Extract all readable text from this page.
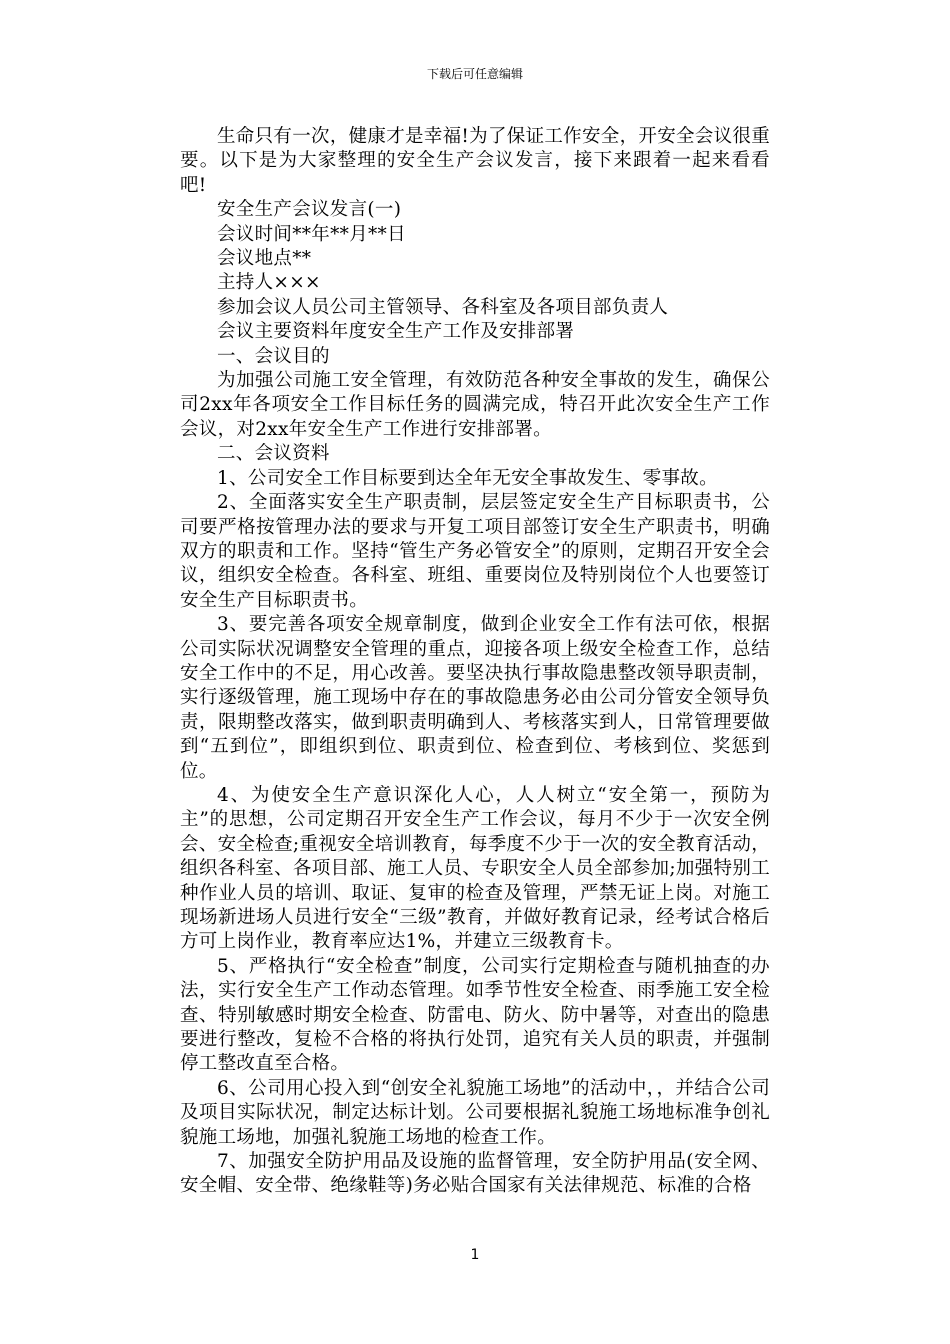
下载后可任意编辑

生命只有一次，健康才是幸福!为了保证工作安全，开安全会议很重要。以下是为大家整理的安全生产会议发言，接下来跟着一起来看看吧!

安全生产会议发言(一)

会议时间**年**月**日

会议地点**

主持人×××

参加会议人员公司主管领导、各科室及各项目部负责人

会议主要资料年度安全生产工作及安排部署

一、会议目的

为加强公司施工安全管理，有效防范各种安全事故的发生，确保公司2xx年各项安全工作目标任务的圆满完成，特召开此次安全生产工作会议，对2xx年安全生产工作进行安排部署。

二、会议资料

1、公司安全工作目标要到达全年无安全事故发生、零事故。

2、全面落实安全生产职责制，层层签定安全生产目标职责书，公司要严格按管理办法的要求与开复工项目部签订安全生产职责书，明确双方的职责和工作。坚持“管生产务必管安全”的原则，定期召开安全会议，组织安全检查。各科室、班组、重要岗位及特别岗位个人也要签订安全生产目标职责书。

3、要完善各项安全规章制度，做到企业安全工作有法可依，根据公司实际状况调整安全管理的重点，迎接各项上级安全检查工作，总结安全工作中的不足，用心改善。要坚决执行事故隐患整改领导职责制，实行逐级管理，施工现场中存在的事故隐患务必由公司分管安全领导负责，限期整改落实，做到职责明确到人、考核落实到人，日常管理要做到“五到位”，即组织到位、职责到位、检查到位、考核到位、奖惩到位。

4、为使安全生产意识深化人心，人人树立“安全第一，预防为主”的思想，公司定期召开安全生产工作会议，每月不少于一次安全例会、安全检查;重视安全培训教育，每季度不少于一次的安全教育活动，组织各科室、各项目部、施工人员、专职安全人员全部参加;加强特别工种作业人员的培训、取证、复审的检查及管理，严禁无证上岗。对施工现场新进场人员进行安全“三级”教育，并做好教育记录，经考试合格后方可上岗作业，教育率应达1%，并建立三级教育卡。

5、严格执行“安全检查”制度，公司实行定期检查与随机抽查的办法，实行安全生产工作动态管理。如季节性安全检查、雨季施工安全检查、特别敏感时期安全检查、防雷电、防火、防中暑等，对查出的隐患要进行整改，复检不合格的将执行处罚，追究有关人员的职责，并强制停工整改直至合格。

6、公司用心投入到“创安全礼貌施工场地”的活动中，，并结合公司及项目实际状况，制定达标计划。公司要根据礼貌施工场地标准争创礼貌施工场地，加强礼貌施工场地的检查工作。

7、加强安全防护用品及设施的监督管理，安全防护用品(安全网、安全帽、安全带、绝缘鞋等)务必贴合国家有关法律规范、标准的合格

1
